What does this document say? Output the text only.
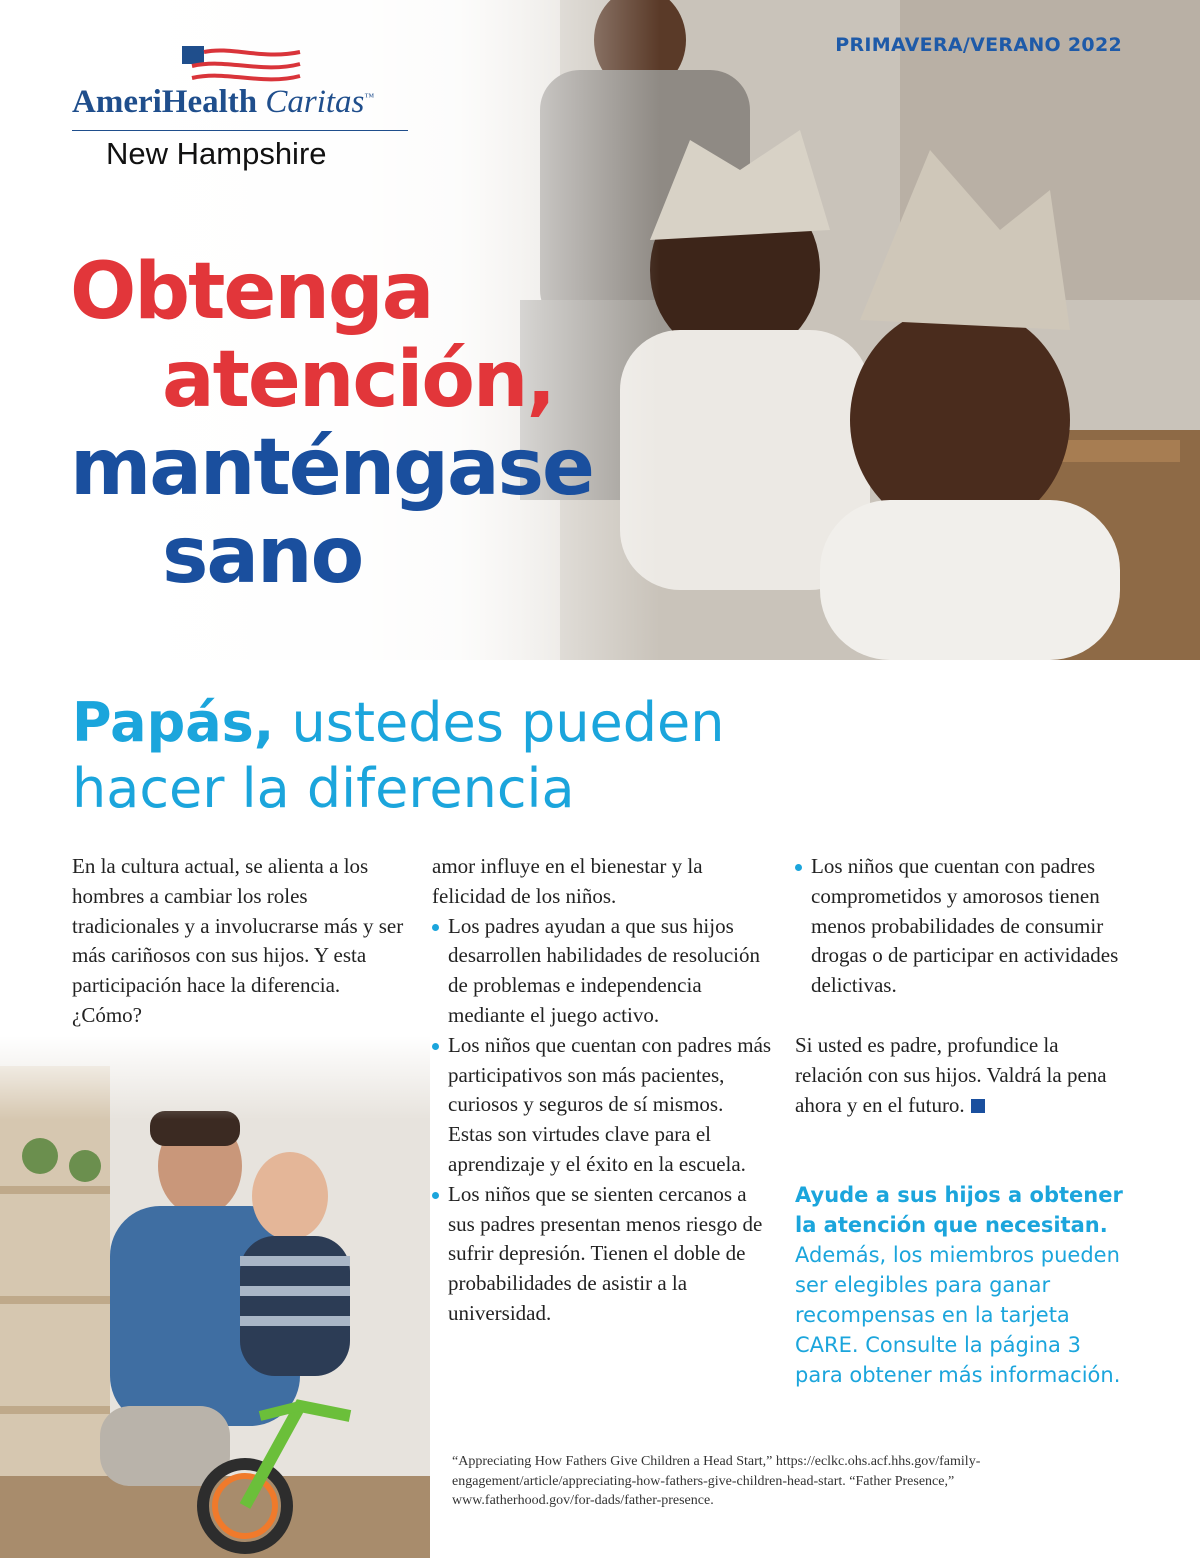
AmeriHealth Caritas™
New Hampshire
PRIMAVERA/VERANO 2022
Obtenga
atención,
manténgase
sano
Papás, ustedes pueden
hacer la diferencia

En la cultura actual, se alienta a los hombres a cambiar los roles tradicionales y a involucrarse más y ser más cariñosos con sus hijos. Y esta participación hace la diferencia. ¿Cómo?

amor influye en el bienestar y la felicidad de los niños.

Los padres ayudan a que sus hijos desarrollen habilidades de resolución de problemas e independencia mediante el juego activo.
Los niños que cuentan con padres más participativos son más pacientes, curiosos y seguros de sí mismos. Estas son virtudes clave para el aprendizaje y el éxito en la escuela.
Los niños que se sienten cercanos a sus padres presentan menos riesgo de sufrir depresión. Tienen el doble de probabilidades de asistir a la universidad.
Los niños que cuentan con padres comprometidos y amorosos tienen menos probabilidades de consumir drogas o de participar en actividades delictivas.

Si usted es padre, profundice la relación con sus hijos. Valdrá la pena ahora y en el futuro.

Ayude a sus hijos a obtener la atención que necesitan.
Además, los miembros pueden ser elegibles para ganar recompensas en la tarjeta CARE. Consulte la página 3 para obtener más información.
“Appreciating How Fathers Give Children a Head Start,” https://eclkc.ohs.acf.hhs.gov/family-engagement/article/appreciating-how-fathers-give-children-head-start. “Father Presence,” www.fatherhood.gov/for-dads/father-presence.
